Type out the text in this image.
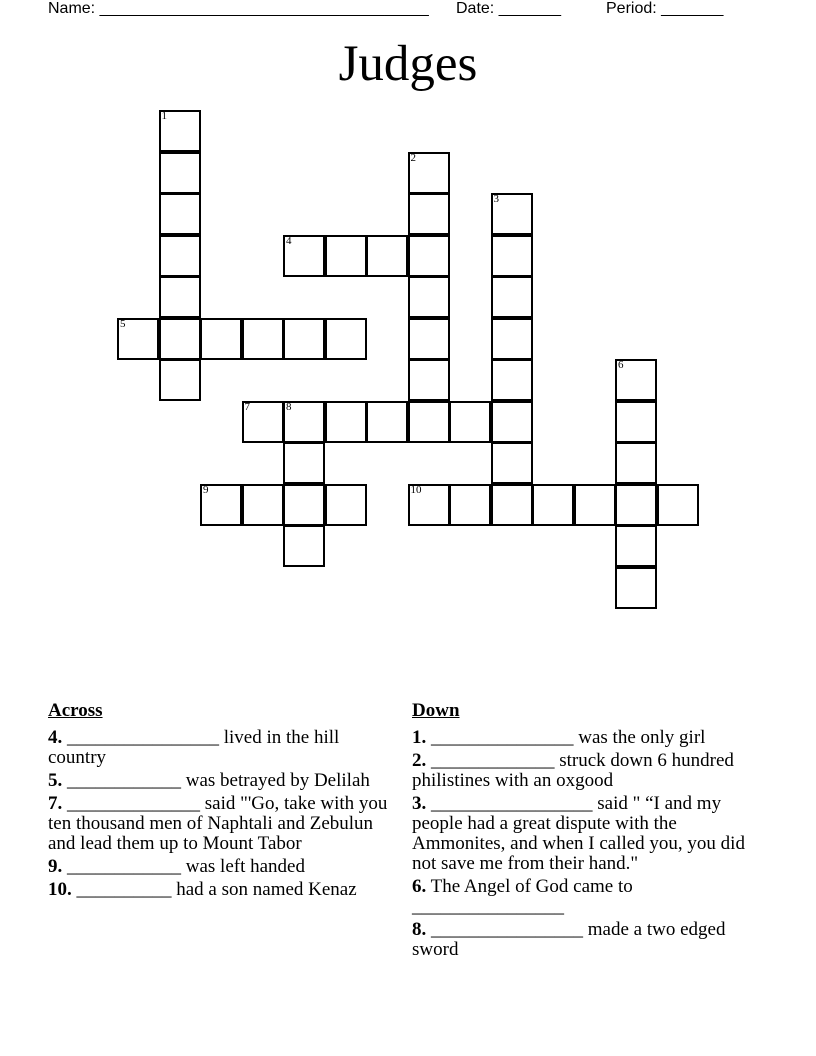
Name: _____________________________________ Date: _______	Period: _______
Judges
1
2
3
4
5
6
7	8
9	10
Across
4. ________________ lived in the hill country
5. ____________ was betrayed by Delilah
7. ______________ said "'Go, take with you ten thousand men of Naphtali and Zebulun and lead them up to Mount Tabor
9. ____________ was left handed
10. __________ had a son named Kenaz
Down
1. _______________ was the only girl
2. _____________ struck down 6 hundred philistines with an oxgood
3. _________________ said " “I and my people had a great dispute with the Ammonites, and when I called you, you did not save me from their hand."
6. The Angel of God came to ________________
8. ________________ made a two edged sword
